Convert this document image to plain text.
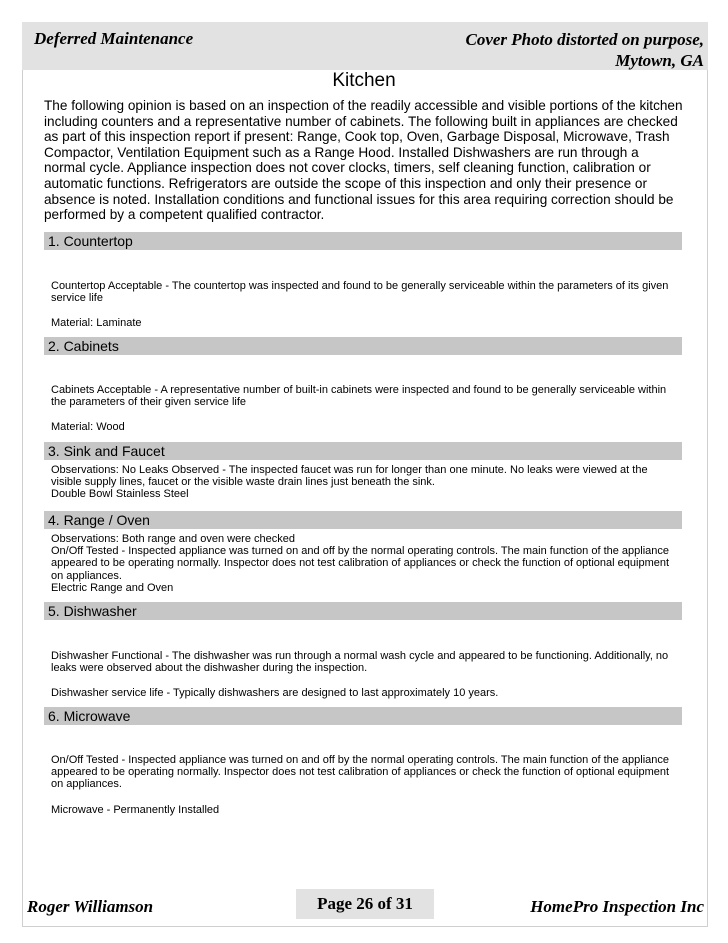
Deferred Maintenance	Cover Photo distorted on purpose,
Mytown, GA
Kitchen
The following opinion is based on an inspection of the readily accessible and visible portions of the kitchen including counters and a representative number of cabinets. The following built in appliances are checked as part of this inspection report if present: Range, Cook top, Oven, Garbage Disposal, Microwave, Trash Compactor, Ventilation Equipment such as a Range Hood. Installed Dishwashers are run through a normal cycle. Appliance inspection does not cover clocks, timers, self cleaning function, calibration or automatic functions. Refrigerators are outside the scope of this inspection and only their presence or absence is noted. Installation conditions and functional issues for this area requiring correction should be performed by a competent qualified contractor.
1. Countertop

Countertop Acceptable - The countertop was inspected and found to be generally serviceable within the parameters of its given service life

Material: Laminate

2. Cabinets

Cabinets Acceptable - A representative number of built-in cabinets were inspected and found to be generally serviceable within the parameters of their given service life

Material: Wood

3. Sink and Faucet

Observations: No Leaks Observed - The inspected faucet was run for longer than one minute. No leaks were viewed at the visible supply lines, faucet or the visible waste drain lines just beneath the sink.

Double Bowl Stainless Steel

4. Range / Oven

Observations: Both range and oven were checked

On/Off Tested - Inspected appliance was turned on and off by the normal operating controls. The main function of the appliance appeared to be operating normally. Inspector does not test calibration of appliances or check the function of optional equipment on appliances.

Electric Range and Oven

5. Dishwasher

Dishwasher Functional - The dishwasher was run through a normal wash cycle and appeared to be functioning. Additionally, no leaks were observed about the dishwasher during the inspection.

Dishwasher service life - Typically dishwashers are designed to last approximately 10 years.

6. Microwave

On/Off Tested - Inspected appliance was turned on and off by the normal operating controls. The main function of the appliance appeared to be operating normally. Inspector does not test calibration of appliances or check the function of optional equipment on appliances.

Microwave - Permanently Installed

Roger Williamson	Page 26 of 31	HomePro Inspection Inc
